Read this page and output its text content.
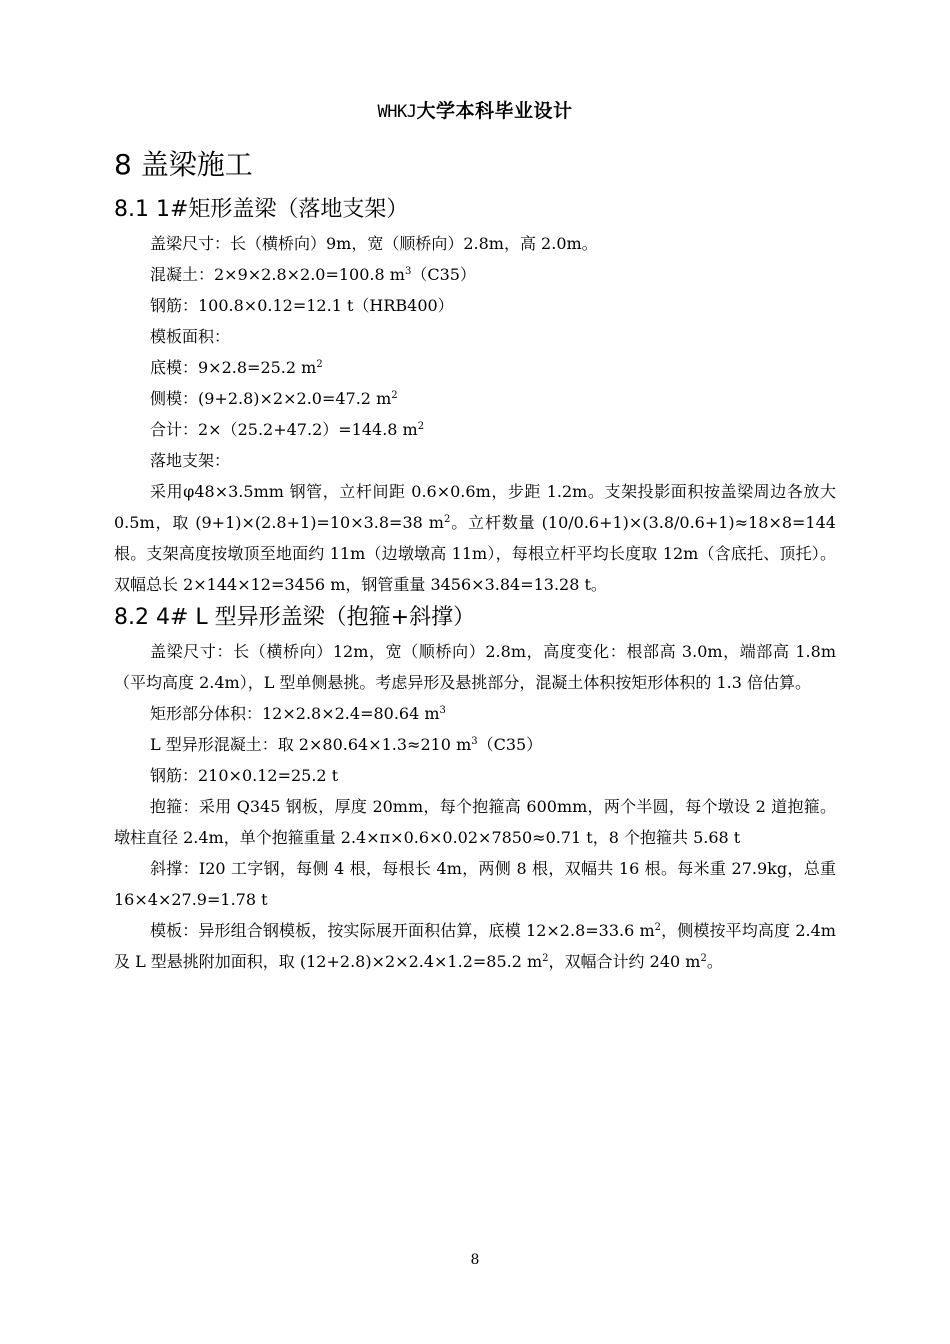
WHKJ大学本科毕业设计
8 盖梁施工
8.1 1#矩形盖梁（落地支架）

盖梁尺寸：长（横桥向）9m，宽（顺桥向）2.8m，高 2.0m。

混凝土：2×9×2.8×2.0=100.8 $m^3(C35)$

钢筋：100.8×0.12=12.1 t（HRB400）

模板面积：

底模：9×2.8=25.2 $m^2$

侧模：(9+2.8)×2×2.0=47.2 $m^2$

合计：2×（25.2+47.2）=144.8 $m^2$

落地支架：

采用φ48×3.5mm 钢管，立杆间距 0.6×0.6m，步距 1.2m。支架投影面积按盖梁周边各放大 0.5m，取 (9+1)×(2.8+1)=10×3.8=38 $m^2$。立杆数量 (10/0.6+1)×(3.8/0.6+1)≈18×8=144 根。支架高度按墩顶至地面约 11m（边墩墩高 11m），每根立杆平均长度取 12m（含底托、顶托）。双幅总长 2×144×12=3456 m，钢管重量 3456×3.84=13.28 t。

8.2 4# L 型异形盖梁（抱箍+斜撑）

盖梁尺寸：长（横桥向）12m，宽（顺桥向）2.8m，高度变化：根部高 3.0m，端部高 1.8m（平均高度 2.4m），L 型单侧悬挑。考虑异形及悬挑部分，混凝土体积按矩形体积的 1.3 倍估算。

矩形部分体积：12×2.8×2.4=80.64 $m^3$

L 型异形混凝土：取 2×80.64×1.3≈210 $m^3(C35)$

钢筋：210×0.12=25.2 t

抱箍：采用 Q345 钢板，厚度 20mm，每个抱箍高 600mm，两个半圆，每个墩设 2 道抱箍。墩柱直径 2.4m，单个抱箍重量 2.4×π×0.6×0.02×7850≈0.71 t，8 个抱箍共 5.68 t

斜撑：I20 工字钢，每侧 4 根，每根长 4m，两侧 8 根，双幅共 16 根。每米重 27.9kg，总重 16×4×27.9=1.78 t

模板：异形组合钢模板，按实际展开面积估算，底模 12×2.8=33.6 $m^2$，侧模按平均高度 2.4m 及 L 型悬挑附加面积，取 (12+2.8)×2×2.4×1.2=85.2 $m^2$，双幅合计约 240 $m^2$。

8
